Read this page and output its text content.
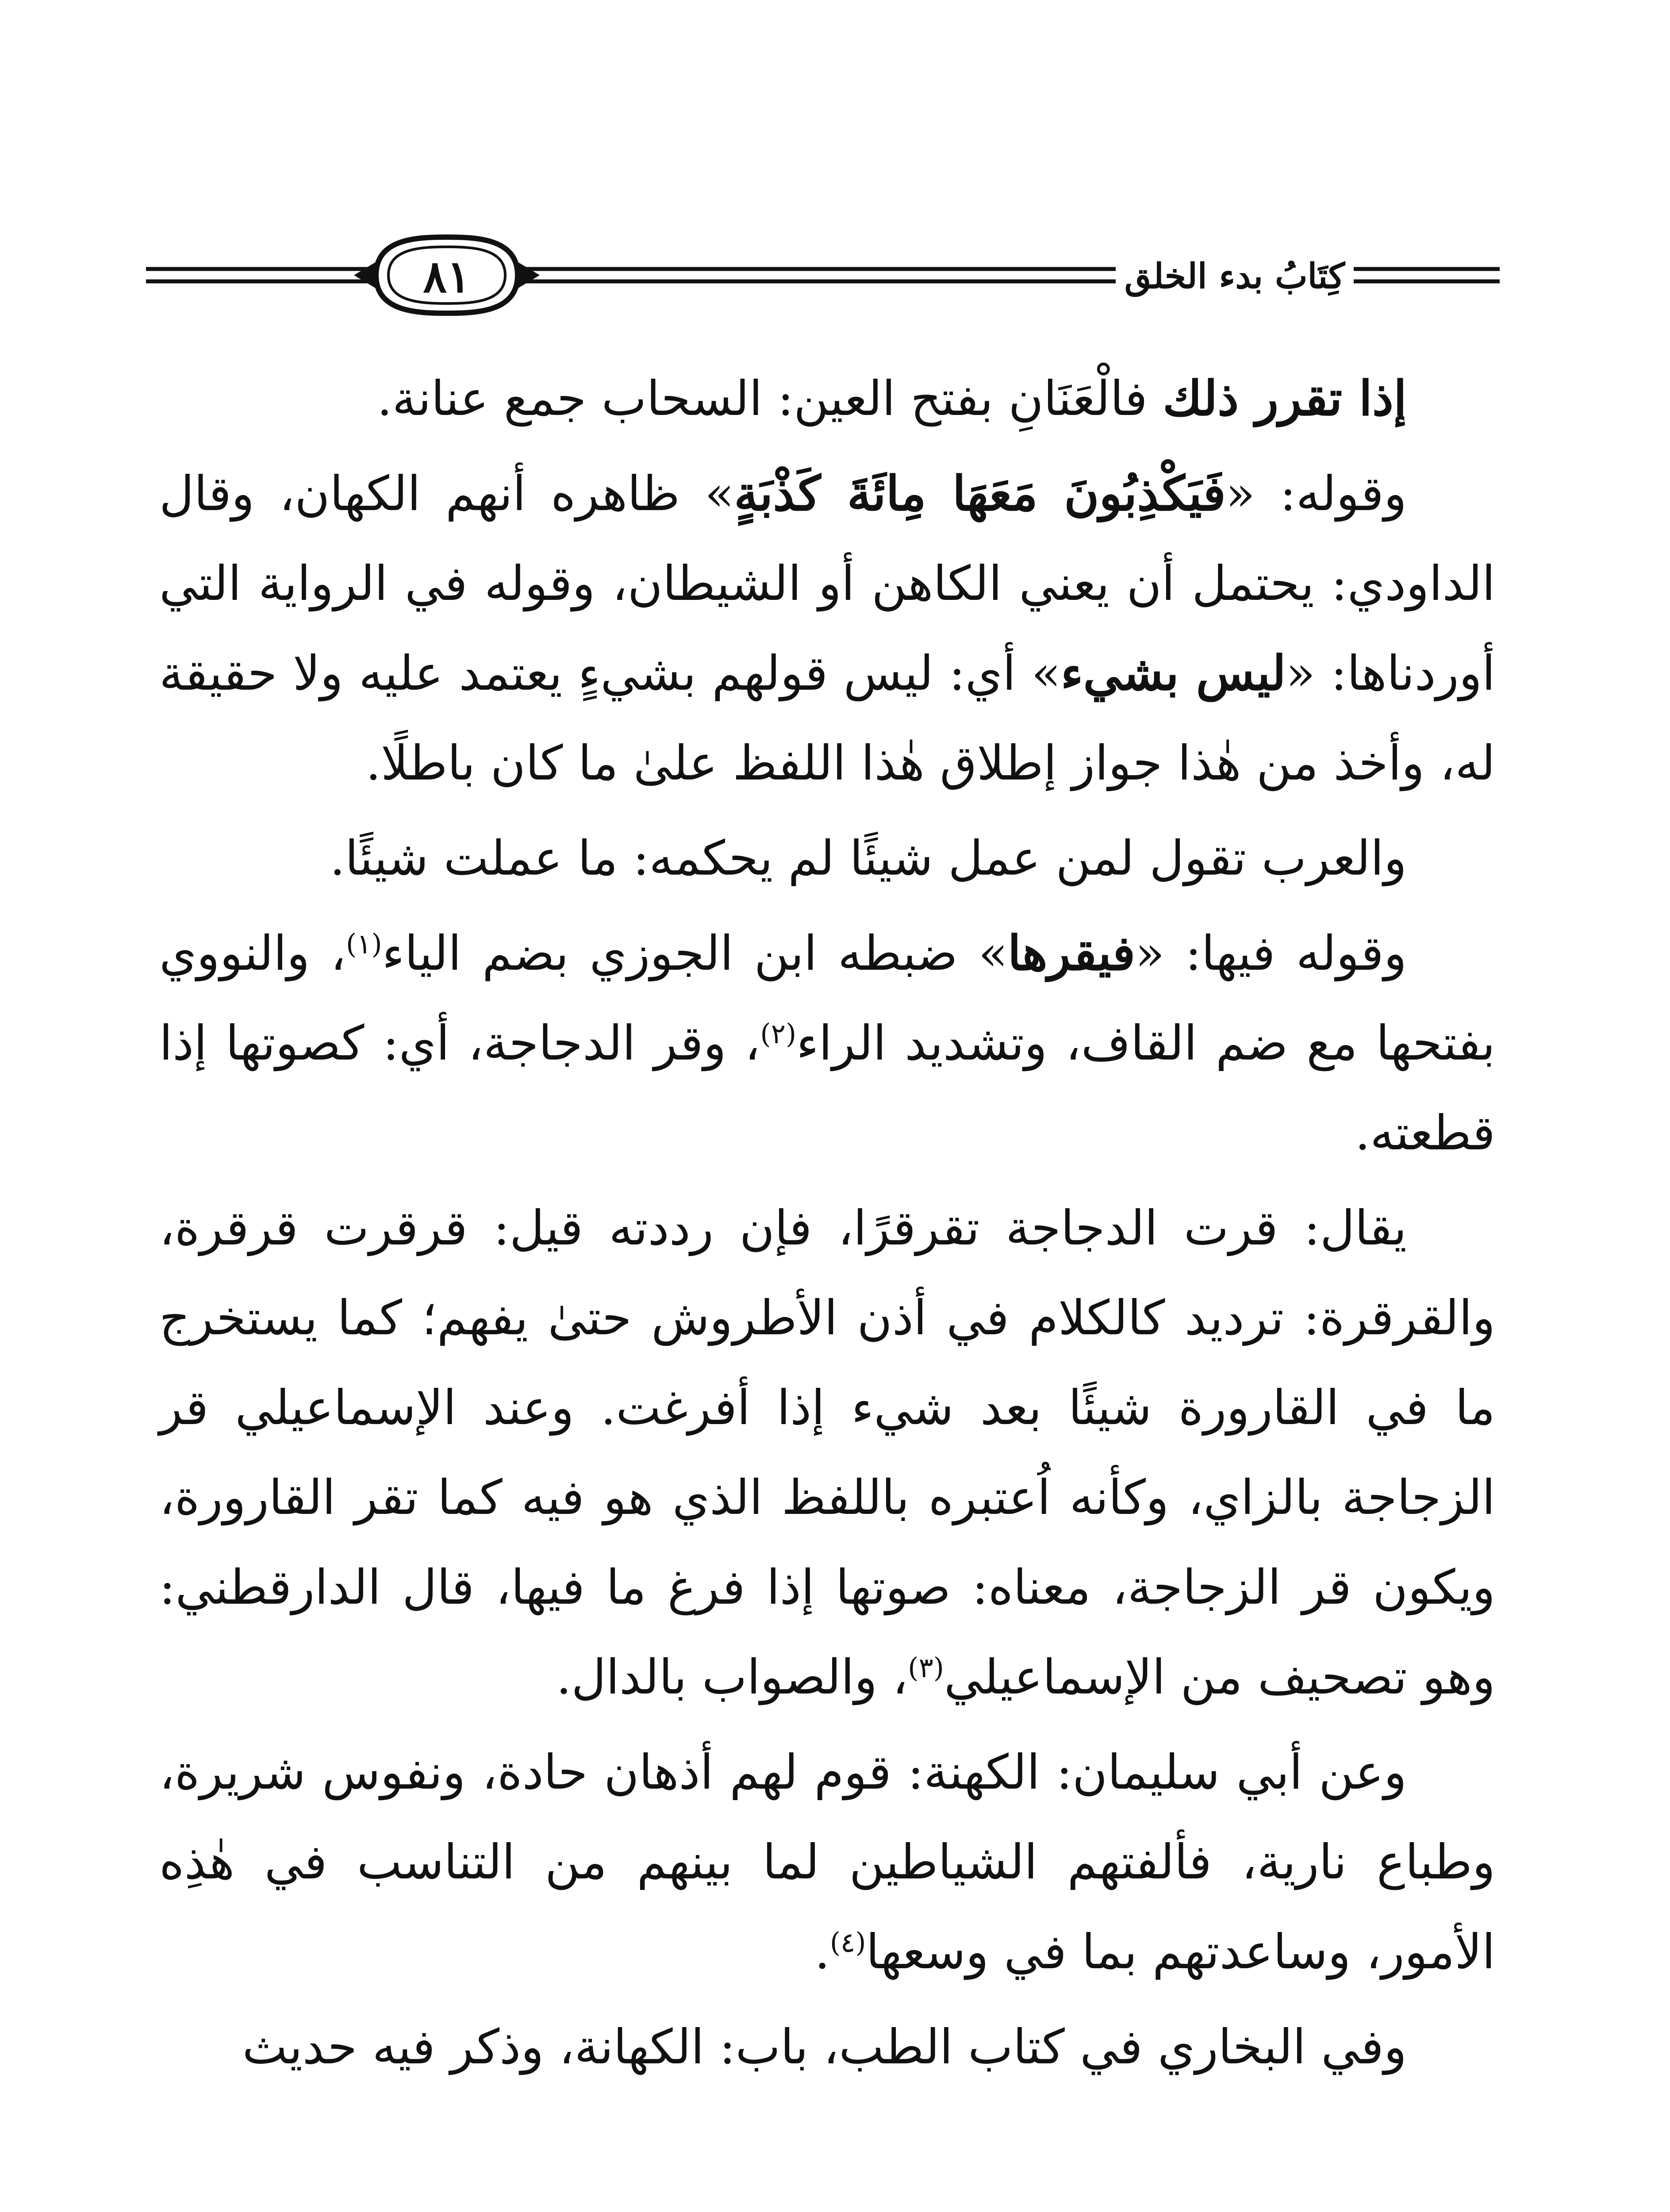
٨١	كِتَابُ بدء الخلق

إذا تقرر ذلك فالْعَنَانِ بفتح العين: السحاب جمع عنانة.

وقوله: «فَيَكْذِبُونَ مَعَهَا مِائَةَ كَذْبَةٍ» ظاهره أنهم الكهان، وقال الداودي: يحتمل أن يعني الكاهن أو الشيطان، وقوله في الرواية التي أوردناها: «ليس بشيء» أي: ليس قولهم بشيءٍ يعتمد عليه ولا حقيقة له، وأخذ من هٰذا جواز إطلاق هٰذا اللفظ علىٰ ما كان باطلًا.

والعرب تقول لمن عمل شيئًا لم يحكمه: ما عملت شيئًا.

وقوله فيها: «فيقرها» ضبطه ابن الجوزي بضم الياء$^{(١)}$، والنووي بفتحها مع ضم القاف، وتشديد الراء$^{(٢)}$، وقر الدجاجة، أي: كصوتها إذا قطعته.

يقال: قرت الدجاجة تقرقرًا، فإن رددته قيل: قرقرت قرقرة، والقرقرة: ترديد كالكلام في أذن الأطروش حتىٰ يفهم؛ كما يستخرج ما في القارورة شيئًا بعد شيء إذا أفرغت. وعند الإسماعيلي قر الزجاجة بالزاي، وكأنه اُعتبره باللفظ الذي هو فيه كما تقر القارورة، ويكون قر الزجاجة، معناه: صوتها إذا فرغ ما فيها، قال الدارقطني: وهو تصحيف من الإسماعيلي$^{(٣)}$، والصواب بالدال.

وعن أبي سليمان: الكهنة: قوم لهم أذهان حادة، ونفوس شريرة، وطباع نارية، فألفتهم الشياطين لما بينهم من التناسب في هٰذِه الأمور، وساعدتهم بما في وسعها$^{(٤)}$.

وفي البخاري في كتاب الطب، باب: الكهانة، وذكر فيه حديث
